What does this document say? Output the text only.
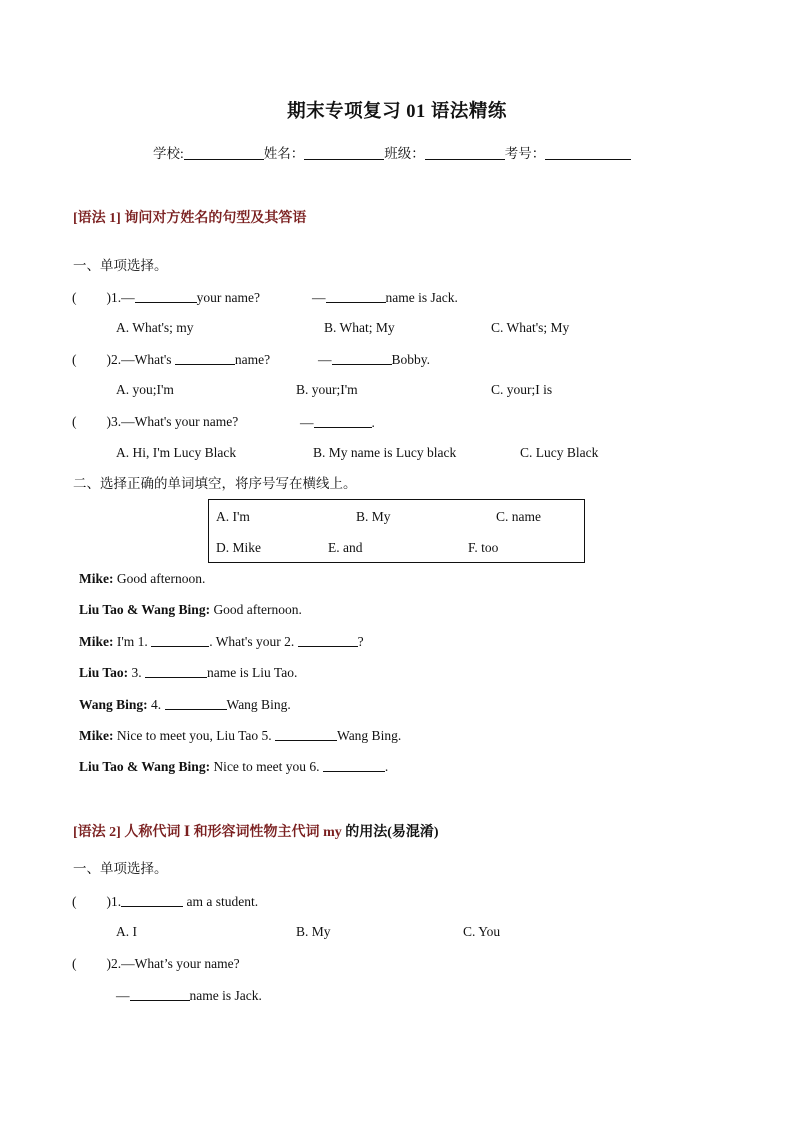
期末专项复习 01 语法精练
学校:	姓名：	班级：	考号：
[语法 1] 询问对方姓名的句型及其答语
一、单项选择。
( )1.—	your name?	—	name is Jack.
A. What's; my	B. What; My	C. What's; My
( )2.—What's	name?	—	Bobby.
A. you;I'm	B. your;I'm	C. your;I is
( )3.—What's your name?	—	.
A. Hi, I'm Lucy Black	B. My name is Lucy black	C. Lucy Black
二、选择正确的单词填空，将序号写在横线上。
A. I'm	B. My	C. name
D. Mike	E. and	F. too
Mike: Good afternoon.
Liu Tao & Wang Bing: Good afternoon.
Mike: I'm 1.	. What's your 2.	?
Liu Tao: 3.	name is Liu Tao.
Wang Bing: 4.	Wang Bing.
Mike: Nice to meet you, Liu Tao 5.	Wang Bing.
Liu Tao & Wang Bing: Nice to meet you 6.	.
[语法 2] 人称代词 I 和形容词性物主代词 my 的用法(易混淆)
一、单项选择。
( )1.	am a student.
A. I	B. My	C. You
( )2.—What’s your name?
—	name is Jack.
